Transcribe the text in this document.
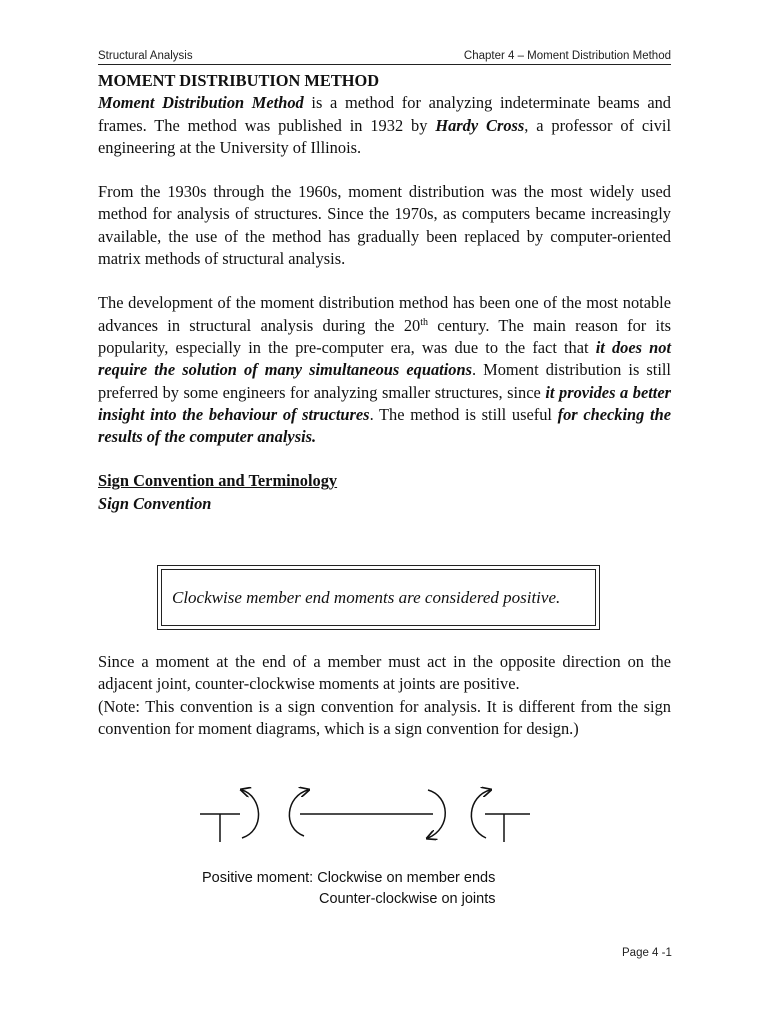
Structural Analysis	Chapter 4 – Moment Distribution Method

MOMENT DISTRIBUTION METHOD

Moment Distribution Method is a method for analyzing indeterminate beams and frames. The method was published in 1932 by Hardy Cross, a professor of civil engineering at the University of Illinois.

From the 1930s through the 1960s, moment distribution was the most widely used method for analysis of structures. Since the 1970s, as computers became increasingly available, the use of the method has gradually been replaced by computer-oriented matrix methods of structural analysis.

The development of the moment distribution method has been one of the most notable advances in structural analysis during the 20th century. The main reason for its popularity, especially in the pre-computer era, was due to the fact that it does not require the solution of many simultaneous equations. Moment distribution is still preferred by some engineers for analyzing smaller structures, since it provides a better insight into the behaviour of structures. The method is still useful for checking the results of the computer analysis.

Sign Convention and Terminology

Sign Convention

Clockwise member end moments are considered positive.

Since a moment at the end of a member must act in the opposite direction on the adjacent joint, counter-clockwise moments at joints are positive.

(Note: This convention is a sign convention for analysis. It is different from the sign convention for moment diagrams, which is a sign convention for design.)

Positive moment: Clockwise on member ends
Counter-clockwise on joints
Page 4 -1
